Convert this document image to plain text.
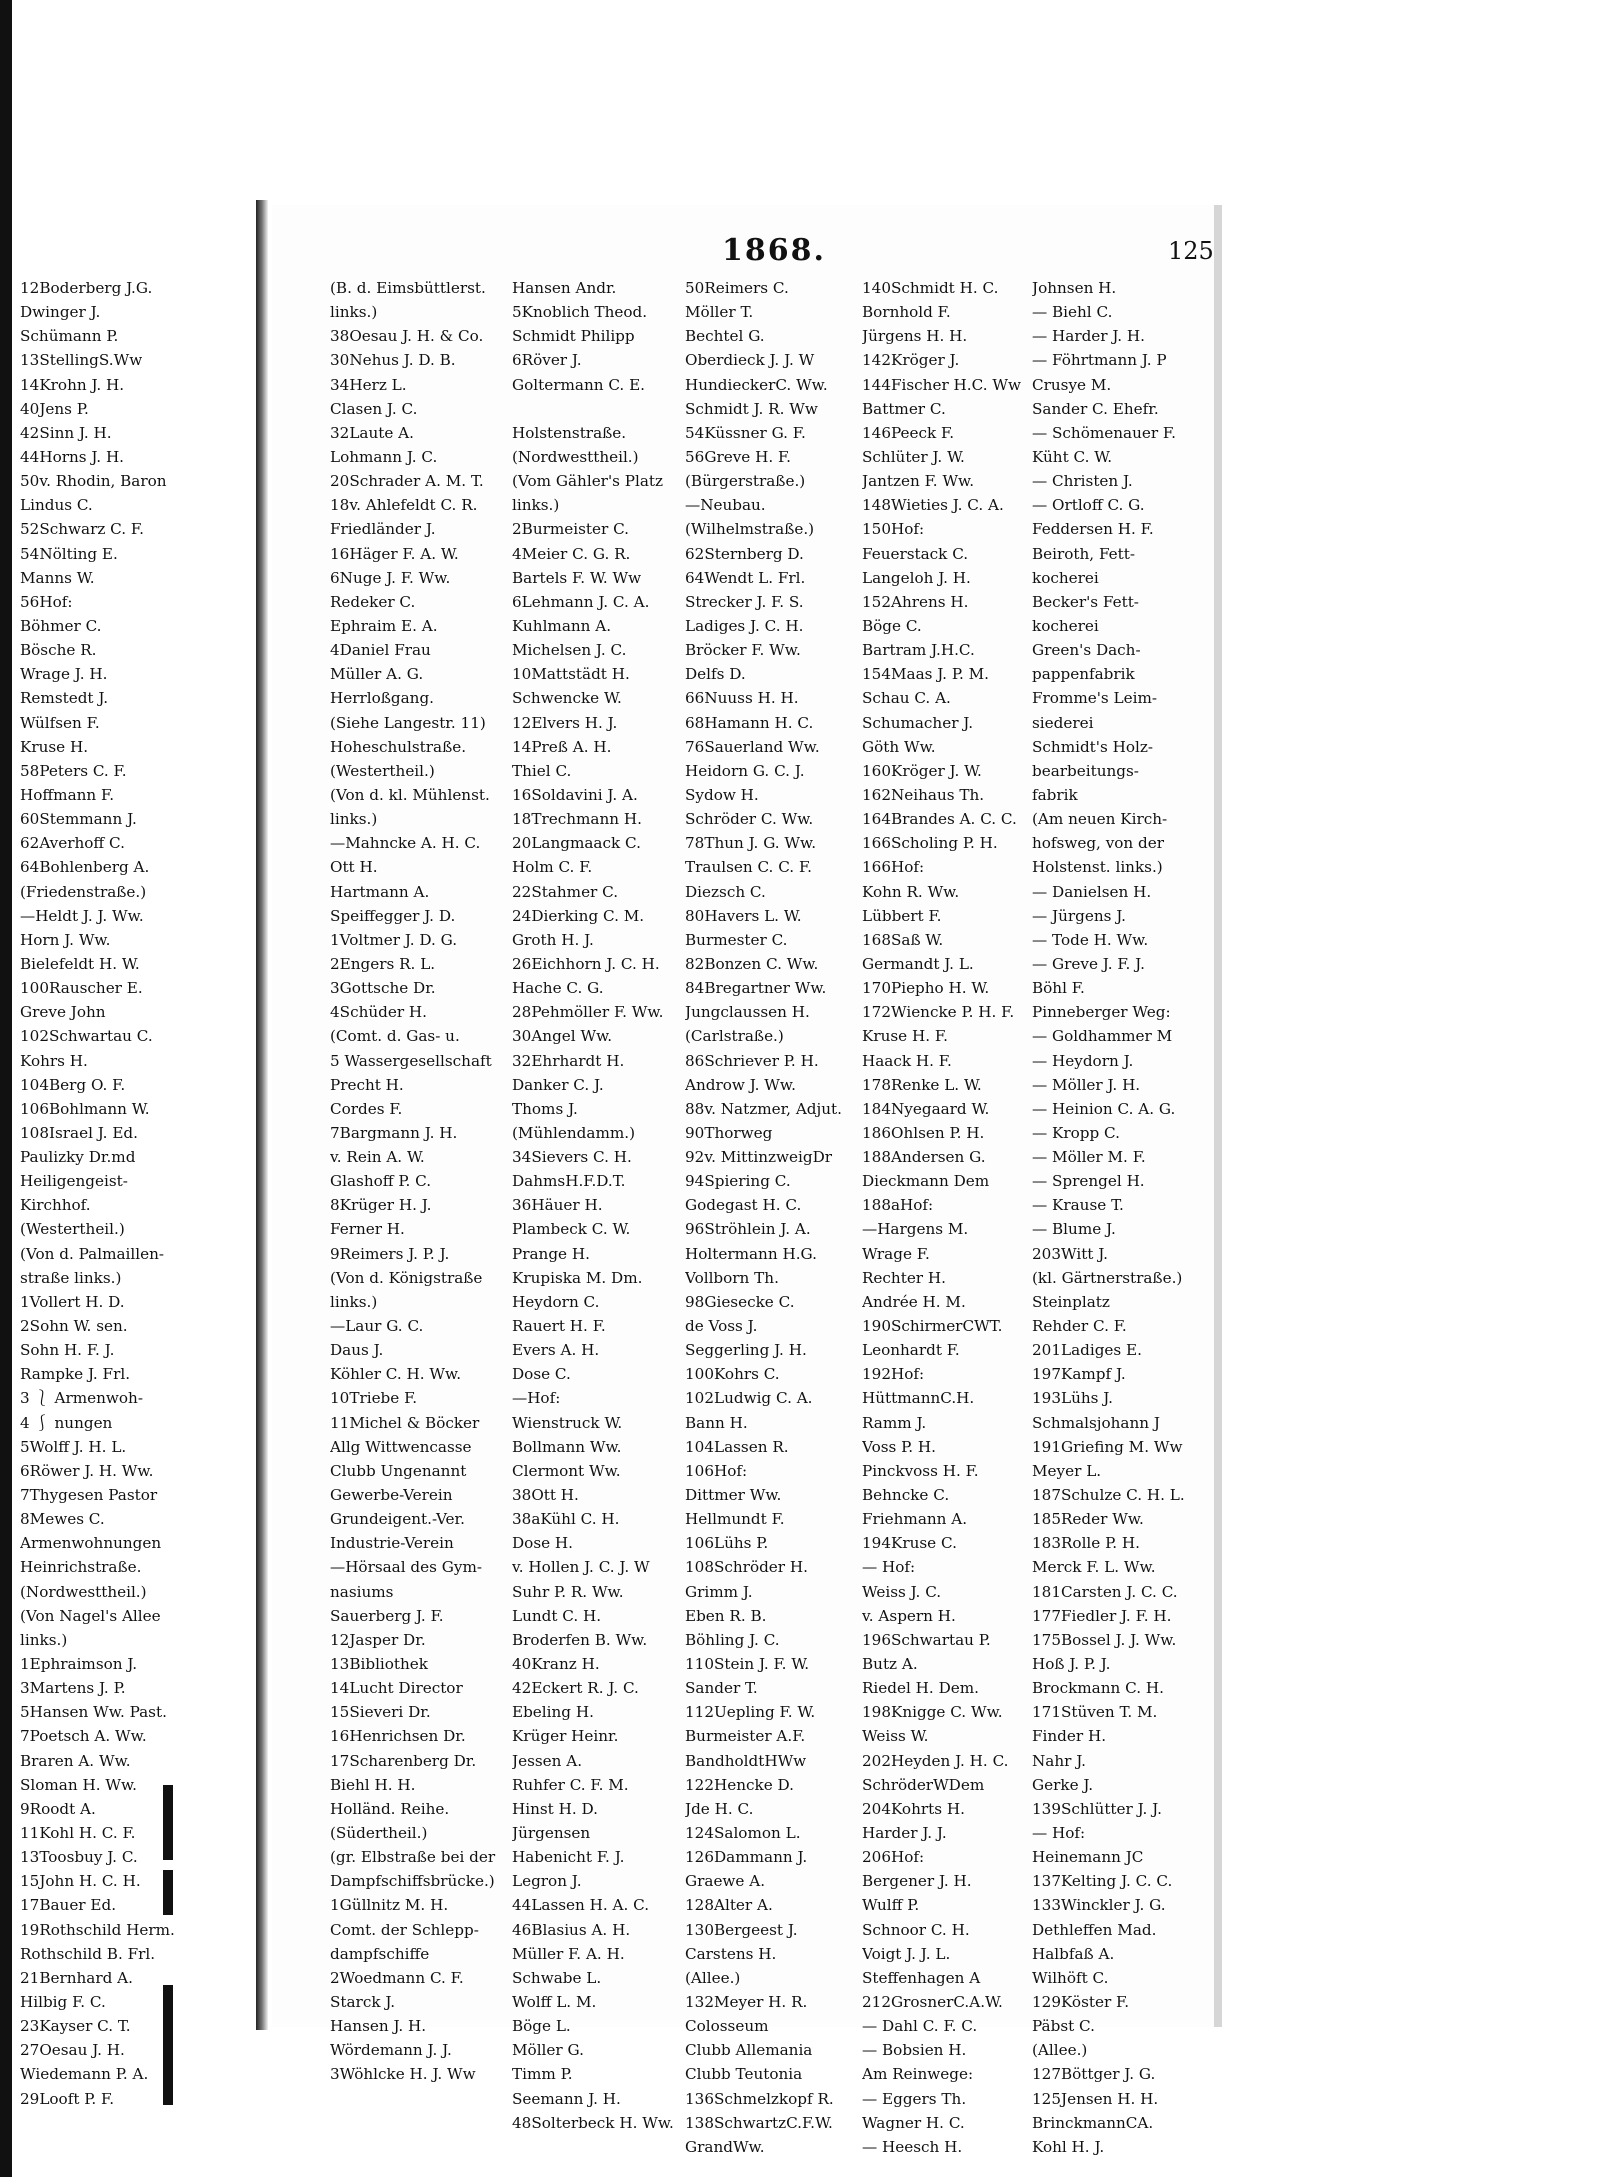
1868.	125
12Boderberg J.G.
Dwinger J.
Schümann P.
13StellingS.Ww
14Krohn J. H.
40Jens P.
42Sinn J. H.
44Horns J. H.
50v. Rhodin, Baron
Lindus C.
52Schwarz C. F.
54Nölting E.
Manns W.
56Hof:
Böhmer C.
Bösche R.
Wrage J. H.
Remstedt J.
Wülfsen F.
Kruse H.
58Peters C. F.
Hoffmann F.
60Stemmann J.
62Averhoff C.
64Bohlenberg A.
(Friedenstraße.)
—Heldt J. J. Ww.
Horn J. Ww.
Bielefeldt H. W.
100Rauscher E.
Greve John
102Schwartau C.
Kohrs H.
104Berg O. F.
106Bohlmann W.
108Israel J. Ed.
Paulizky Dr.md
Heiligengeist-
Kirchhof.
(Westertheil.)
(Von d. Palmaillen-
straße links.)
1Vollert H. D.
2Sohn W. sen.
Sohn H. F. J.
Rampke J. Frl.
3 ⎱ Armenwoh-
4 ⎰ nungen
5Wolff J. H. L.
6Röwer J. H. Ww.
7Thygesen Pastor
8Mewes C.
Armenwohnungen
Heinrichstraße.
(Nordwesttheil.)
(Von Nagel's Allee
links.)
1Ephraimson J.
3Martens J. P.
5Hansen Ww. Past.
7Poetsch A. Ww.
Braren A. Ww.
Sloman H. Ww.
9Roodt A.
11Kohl H. C. F.
13Toosbuy J. C.
15John H. C. H.
17Bauer Ed.
19Rothschild Herm.
Rothschild B. Frl.
21Bernhard A.
Hilbig F. C.
23Kayser C. T.
27Oesau J. H.
Wiedemann P. A.
29Looft P. F.
(B. d. Eimsbüttlerst.
links.)
38Oesau J. H. & Co.
30Nehus J. D. B.
34Herz L.
Clasen J. C.
32Laute A.
Lohmann J. C.
20Schrader A. M. T.
18v. Ahlefeldt C. R.
Friedländer J.
16Häger F. A. W.
6Nuge J. F. Ww.
Redeker C.
Ephraim E. A.
4Daniel Frau
Müller A. G.
Herrloßgang.
(Siehe Langestr. 11)
Hoheschulstraße.
(Westertheil.)
(Von d. kl. Mühlenst.
links.)
—Mahncke A. H. C.
Ott H.
Hartmann A.
Speiffegger J. D.
1Voltmer J. D. G.
2Engers R. L.
3Gottsche Dr.
4Schüder H.
(Comt. d. Gas- u.
5 Wassergesellschaft
Precht H.
Cordes F.
7Bargmann J. H.
v. Rein A. W.
Glashoff P. C.
8Krüger H. J.
Ferner H.
9Reimers J. P. J.
(Von d. Königstraße
links.)
—Laur G. C.
Daus J.
Köhler C. H. Ww.
10Triebe F.
11Michel & Böcker
Allg Wittwencasse
Clubb Ungenannt
Gewerbe-Verein
Grundeigent.-Ver.
Industrie-Verein
—Hörsaal des Gym-
nasiums
Sauerberg J. F.
12Jasper Dr.
13Bibliothek
14Lucht Director
15Sieveri Dr.
16Henrichsen Dr.
17Scharenberg Dr.
Biehl H. H.
Holländ. Reihe.
(Südertheil.)
(gr. Elbstraße bei der
Dampfschiffsbrücke.)
1Güllnitz M. H.
Comt. der Schlepp-
dampfschiffe
2Woedmann C. F.
Starck J.
Hansen J. H.
Wördemann J. J.
3Wöhlcke H. J. Ww
Hansen Andr.
5Knoblich Theod.
Schmidt Philipp
6Röver J.
Goltermann C. E.
Holstenstraße.
(Nordwesttheil.)
(Vom Gähler's Platz
links.)
2Burmeister C.
4Meier C. G. R.
Bartels F. W. Ww
6Lehmann J. C. A.
Kuhlmann A.
Michelsen J. C.
10Mattstädt H.
Schwencke W.
12Elvers H. J.
14Preß A. H.
Thiel C.
16Soldavini J. A.
18Trechmann H.
20Langmaack C.
Holm C. F.
22Stahmer C.
24Dierking C. M.
Groth H. J.
26Eichhorn J. C. H.
Hache C. G.
28Pehmöller F. Ww.
30Angel Ww.
32Ehrhardt H.
Danker C. J.
Thoms J.
(Mühlendamm.)
34Sievers C. H.
DahmsH.F.D.T.
36Häuer H.
Plambeck C. W.
Prange H.
Krupiska M. Dm.
Heydorn C.
Rauert H. F.
Evers A. H.
Dose C.
—Hof:
Wienstruck W.
Bollmann Ww.
Clermont Ww.
38Ott H.
38aKühl C. H.
Dose H.
v. Hollen J. C. J. W
Suhr P. R. Ww.
Lundt C. H.
Broderfen B. Ww.
40Kranz H.
42Eckert R. J. C.
Ebeling H.
Krüger Heinr.
Jessen A.
Ruhfer C. F. M.
Hinst H. D.
Jürgensen
Habenicht F. J.
Legron J.
44Lassen H. A. C.
46Blasius A. H.
Müller F. A. H.
Schwabe L.
Wolff L. M.
Böge L.
Möller G.
Timm P.
Seemann J. H.
48Solterbeck H. Ww.
50Reimers C.
Möller T.
Bechtel G.
Oberdieck J. J. W
HundieckerC. Ww.
Schmidt J. R. Ww
54Küssner G. F.
56Greve H. F.
(Bürgerstraße.)
—Neubau.
(Wilhelmstraße.)
62Sternberg D.
64Wendt L. Frl.
Strecker J. F. S.
Ladiges J. C. H.
Bröcker F. Ww.
Delfs D.
66Nuuss H. H.
68Hamann H. C.
76Sauerland Ww.
Heidorn G. C. J.
Sydow H.
Schröder C. Ww.
78Thun J. G. Ww.
Traulsen C. C. F.
Diezsch C.
80Havers L. W.
Burmester C.
82Bonzen C. Ww.
84Bregartner Ww.
Jungclaussen H.
(Carlstraße.)
86Schriever P. H.
Androw J. Ww.
88v. Natzmer, Adjut.
90Thorweg
92v. MittinzweigDr
94Spiering C.
Godegast H. C.
96Ströhlein J. A.
Holtermann H.G.
Vollborn Th.
98Giesecke C.
de Voss J.
Seggerling J. H.
100Kohrs C.
102Ludwig C. A.
Bann H.
104Lassen R.
106Hof:
Dittmer Ww.
Hellmundt F.
106Lühs P.
108Schröder H.
Grimm J.
Eben R. B.
Böhling J. C.
110Stein J. F. W.
Sander T.
112Uepling F. W.
Burmeister A.F.
BandholdtHWw
122Hencke D.
Jde H. C.
124Salomon L.
126Dammann J.
Graewe A.
128Alter A.
130Bergeest J.
Carstens H.
(Allee.)
132Meyer H. R.
Colosseum
Clubb Allemania
Clubb Teutonia
136Schmelzkopf R.
138SchwartzC.F.W.
GrandWw.
140Schmidt H. C.
Bornhold F.
Jürgens H. H.
142Kröger J.
144Fischer H.C. Ww
Battmer C.
146Peeck F.
Schlüter J. W.
Jantzen F. Ww.
148Wieties J. C. A.
150Hof:
Feuerstack C.
Langeloh J. H.
152Ahrens H.
Böge C.
Bartram J.H.C.
154Maas J. P. M.
Schau C. A.
Schumacher J.
Göth Ww.
160Kröger J. W.
162Neihaus Th.
164Brandes A. C. C.
166Scholing P. H.
166Hof:
Kohn R. Ww.
Lübbert F.
168Saß W.
Germandt J. L.
170Piepho H. W.
172Wiencke P. H. F.
Kruse H. F.
Haack H. F.
178Renke L. W.
184Nyegaard W.
186Ohlsen P. H.
188Andersen G.
Dieckmann Dem
188aHof:
—Hargens M.
Wrage F.
Rechter H.
Andrée H. M.
190SchirmerCWT.
Leonhardt F.
192Hof:
HüttmannC.H.
Ramm J.
Voss P. H.
Pinckvoss H. F.
Behncke C.
Friehmann A.
194Kruse C.
— Hof:
Weiss J. C.
v. Aspern H.
196Schwartau P.
Butz A.
Riedel H. Dem.
198Knigge C. Ww.
Weiss W.
202Heyden J. H. C.
SchröderWDem
204Kohrts H.
Harder J. J.
206Hof:
Bergener J. H.
Wulff P.
Schnoor C. H.
Voigt J. J. L.
Steffenhagen A
212GrosnerC.A.W.
— Dahl C. F. C.
— Bobsien H.
Am Reinwege:
— Eggers Th.
Wagner H. C.
— Heesch H.
Johnsen H.
— Biehl C.
— Harder J. H.
— Föhrtmann J. P
Crusye M.
Sander C. Ehefr.
— Schömenauer F.
Küht C. W.
— Christen J.
— Ortloff C. G.
Feddersen H. F.
Beiroth, Fett-
kocherei
Becker's Fett-
kocherei
Green's Dach-
pappenfabrik
Fromme's Leim-
siederei
Schmidt's Holz-
bearbeitungs-
fabrik
(Am neuen Kirch-
hofsweg, von der
Holstenst. links.)
— Danielsen H.
— Jürgens J.
— Tode H. Ww.
— Greve J. F. J.
Böhl F.
Pinneberger Weg:
— Goldhammer M
— Heydorn J.
— Möller J. H.
— Heinion C. A. G.
— Kropp C.
— Möller M. F.
— Sprengel H.
— Krause T.
— Blume J.
203Witt J.
(kl. Gärtnerstraße.)
Steinplatz
Rehder C. F.
201Ladiges E.
197Kampf J.
193Lühs J.
Schmalsjohann J
191Griefing M. Ww
Meyer L.
187Schulze C. H. L.
185Reder Ww.
183Rolle P. H.
Merck F. L. Ww.
181Carsten J. C. C.
177Fiedler J. F. H.
175Bossel J. J. Ww.
Hoß J. P. J.
Brockmann C. H.
171Stüven T. M.
Finder H.
Nahr J.
Gerke J.
139Schlütter J. J.
— Hof:
Heinemann JC
137Kelting J. C. C.
133Winckler J. G.
Dethleffen Mad.
Halbfaß A.
Wilhöft C.
129Köster F.
Päbst C.
(Allee.)
127Böttger J. G.
125Jensen H. H.
BrinckmannCA.
Kohl H. J.
